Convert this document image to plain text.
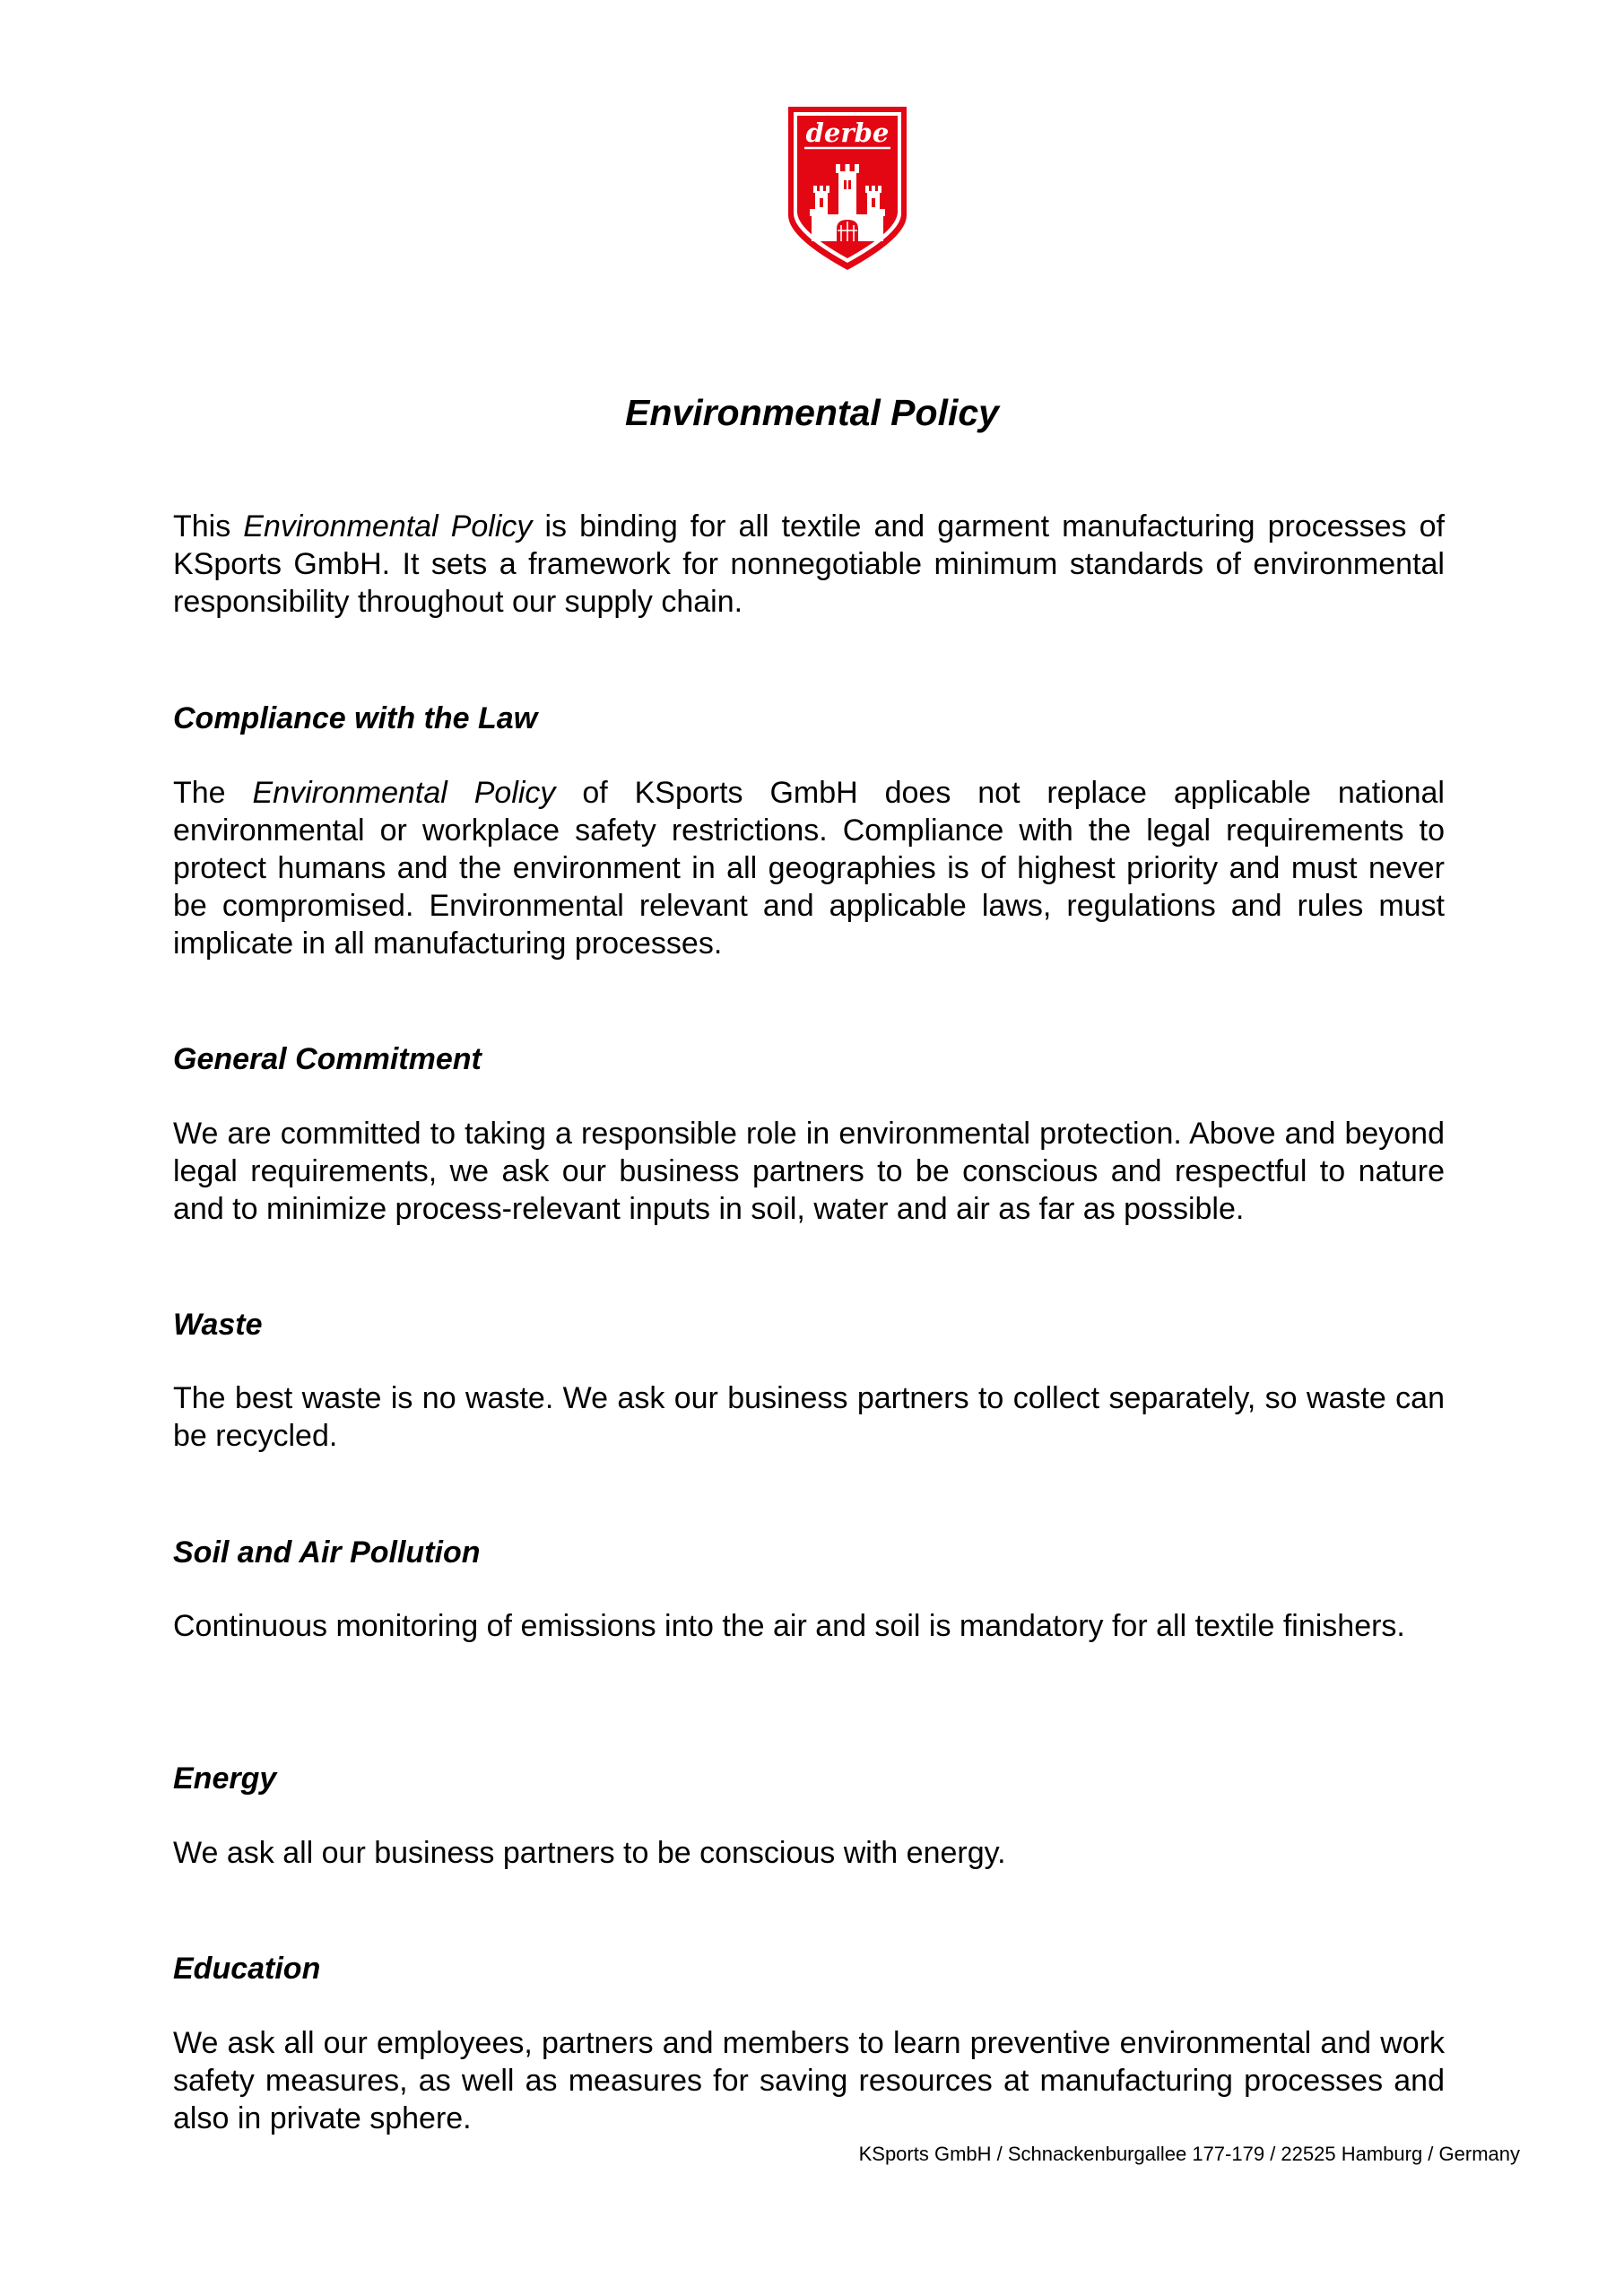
derbe
Environmental Policy

This Environmental Policy is binding for all textile and garment manufacturing processes of KSports GmbH. It sets a framework for nonnegotiable minimum standards of environmental responsibility throughout our supply chain.

Compliance with the Law

The Environmental Policy of KSports GmbH does not replace applicable national environmental or workplace safety restrictions. Compliance with the legal requirements to protect humans and the environment in all geographies is of highest priority and must never be compromised. Environmental relevant and applicable laws, regulations and rules must implicate in all manufacturing processes.

General Commitment

We are committed to taking a responsible role in environmental protection. Above and beyond legal requirements, we ask our business partners to be conscious and respectful to nature and to minimize process-relevant inputs in soil, water and air as far as possible.

Waste

The best waste is no waste. We ask our business partners to collect separately, so waste can be recycled.

Soil and Air Pollution

Continuous monitoring of emissions into the air and soil is mandatory for all textile finishers.

Energy

We ask all our business partners to be conscious with energy.

Education

We ask all our employees, partners and members to learn preventive environmental and work safety measures, as well as measures for saving resources at manufacturing processes and also in private sphere.

KSports GmbH / Schnackenburgallee 177-179 / 22525 Hamburg / Germany
